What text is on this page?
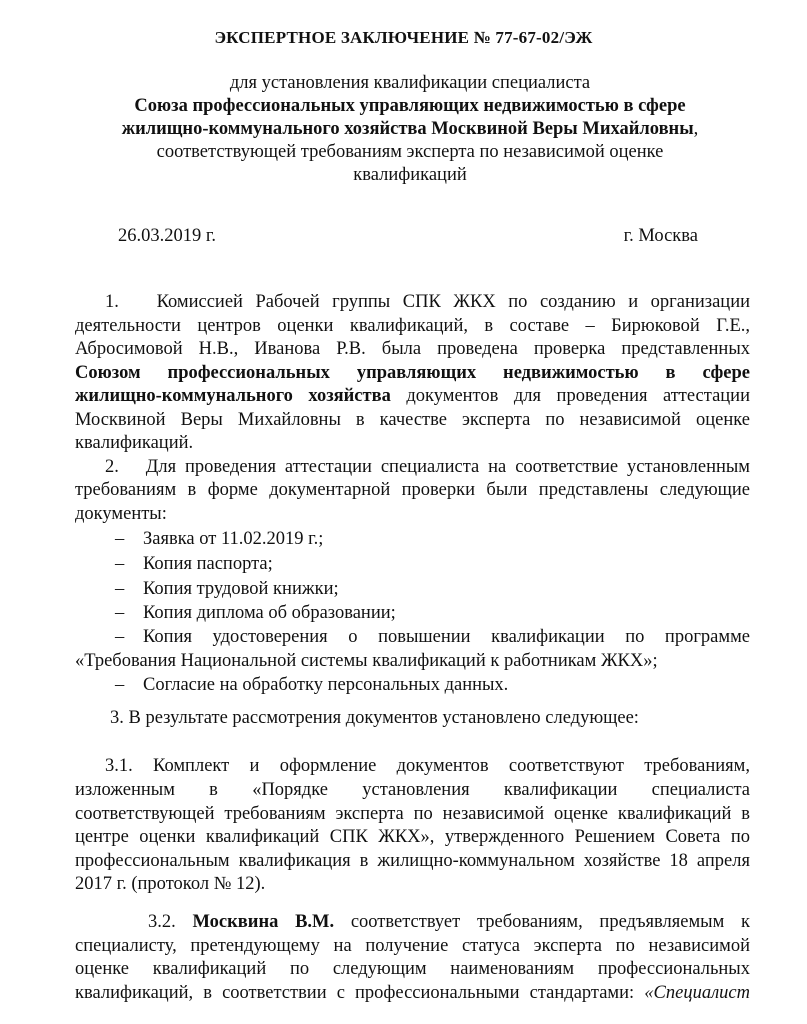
ЭКСПЕРТНОЕ ЗАКЛЮЧЕНИЕ № 77-67-02/ЭЖ
для установления квалификации специалиста
Союза профессиональных управляющих недвижимостью в сфере
жилищно-коммунального хозяйства Москвиной Веры Михайловны,
соответствующей требованиям эксперта по независимой оценке
квалификаций
26.03.2019 г.	г. Москва
1. Комиссией Рабочей группы СПК ЖКХ по созданию и организации
деятельности центров оценки квалификаций, в составе – Бирюковой Г.Е.,
Абросимовой Н.В., Иванова Р.В. была проведена проверка представленных
Союзом профессиональных управляющих недвижимостью в сфере
жилищно-коммунального хозяйства документов для проведения аттестации
Москвиной Веры Михайловны в качестве эксперта по независимой оценке
квалификаций.
2. Для проведения аттестации специалиста на соответствие установленным
требованиям в форме документарной проверки были представлены следующие
документы:
– Заявка от 11.02.2019 г.;
– Копия паспорта;
– Копия трудовой книжки;
– Копия диплома об образовании;
– Копия удостоверения о повышении квалификации по программе
«Требования Национальной системы квалификаций к работникам ЖКХ»;
– Согласие на обработку персональных данных.
3. В результате рассмотрения документов установлено следующее:
3.1. Комплект и оформление документов соответствуют требованиям,
изложенным в «Порядке установления квалификации специалиста
соответствующей требованиям эксперта по независимой оценке квалификаций в
центре оценки квалификаций СПК ЖКХ», утвержденного Решением Совета по
профессиональным квалификация в жилищно-коммунальном хозяйстве 18 апреля
2017 г. (протокол № 12).
3.2. Москвина В.М. соответствует требованиям, предъявляемым к
специалисту, претендующему на получение статуса эксперта по независимой
оценке квалификаций по следующим наименованиям профессиональных
квалификаций, в соответствии с профессиональными стандартами: «Специалист
